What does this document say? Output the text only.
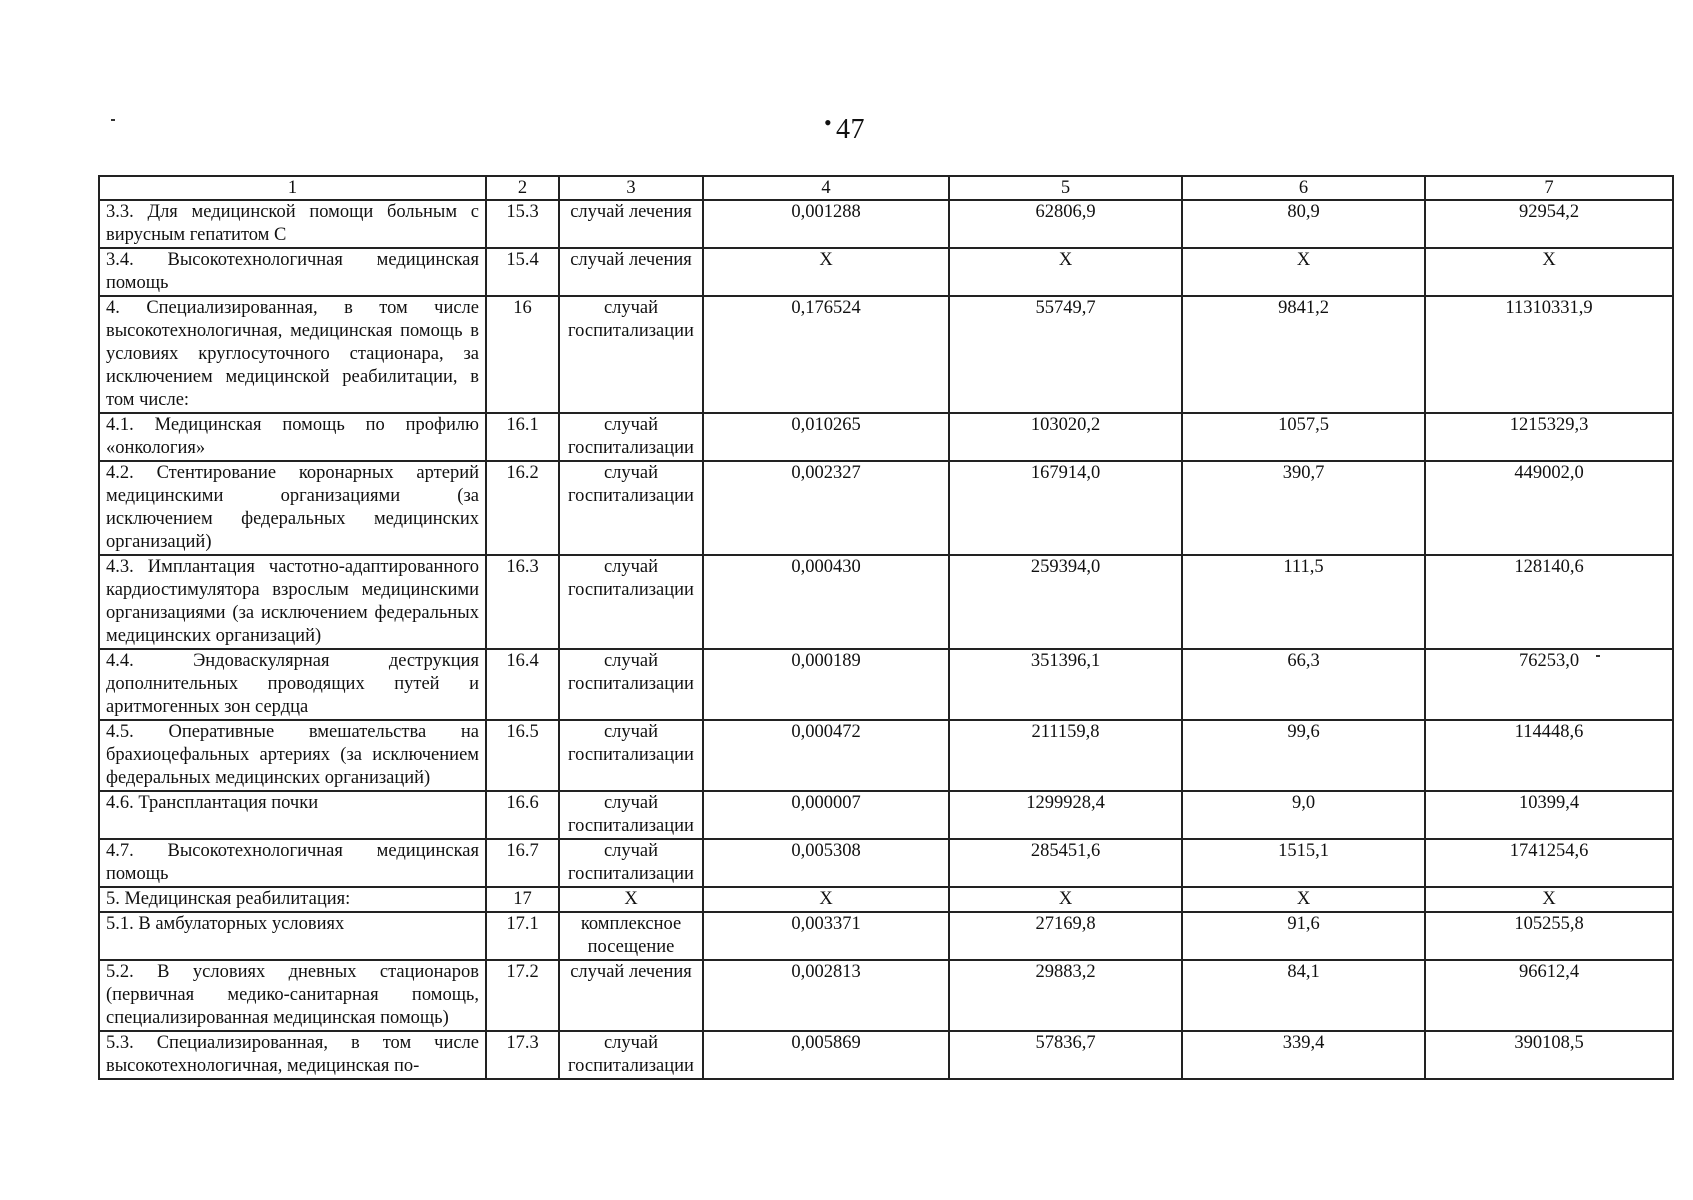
• 47
1	2	3	4	5	6	7
3.3. Для медицинской помощи больным с вирусным гепатитом С	15.3	случай лечения	0,001288	62806,9	80,9	92954,2
3.4. Высокотехнологичная медицинская помощь	15.4	случай лечения	X	X	X	X
4. Специализированная, в том числе высокотехнологичная, медицинская помощь в условиях круглосуточного стационара, за исключением медицинской реабилитации, в том числе:	16	случай госпитализации	0,176524	55749,7	9841,2	11310331,9
4.1. Медицинская помощь по профилю «онкология»	16.1	случай госпитализации	0,010265	103020,2	1057,5	1215329,3
4.2. Стентирование коронарных артерий медицинскими организациями (за исключением федеральных медицинских организаций)	16.2	случай госпитализации	0,002327	167914,0	390,7	449002,0
4.3. Имплантация частотно-адаптированного кардиостимулятора взрослым медицинскими организациями (за исключением федеральных медицинских организаций)	16.3	случай госпитализации	0,000430	259394,0	111,5	128140,6
4.4. Эндоваскулярная деструкция дополнительных проводящих путей и аритмогенных зон сердца	16.4	случай госпитализации	0,000189	351396,1	66,3	76253,0
4.5. Оперативные вмешательства на брахиоцефальных артериях (за исключением федеральных медицинских организаций)	16.5	случай госпитализации	0,000472	211159,8	99,6	114448,6
4.6. Трансплантация почки	16.6	случай госпитализации	0,000007	1299928,4	9,0	10399,4
4.7. Высокотехнологичная медицинская помощь	16.7	случай госпитализации	0,005308	285451,6	1515,1	1741254,6
5. Медицинская реабилитация:	17	X	X	X	X	X
5.1. В амбулаторных условиях	17.1	комплексное посещение	0,003371	27169,8	91,6	105255,8
5.2. В условиях дневных стационаров (первичная медико-санитарная помощь, специализированная медицинская помощь)	17.2	случай лечения	0,002813	29883,2	84,1	96612,4
5.3. Специализированная, в том числе высокотехнологичная, медицинская по-	17.3	случай госпитализации	0,005869	57836,7	339,4	390108,5
